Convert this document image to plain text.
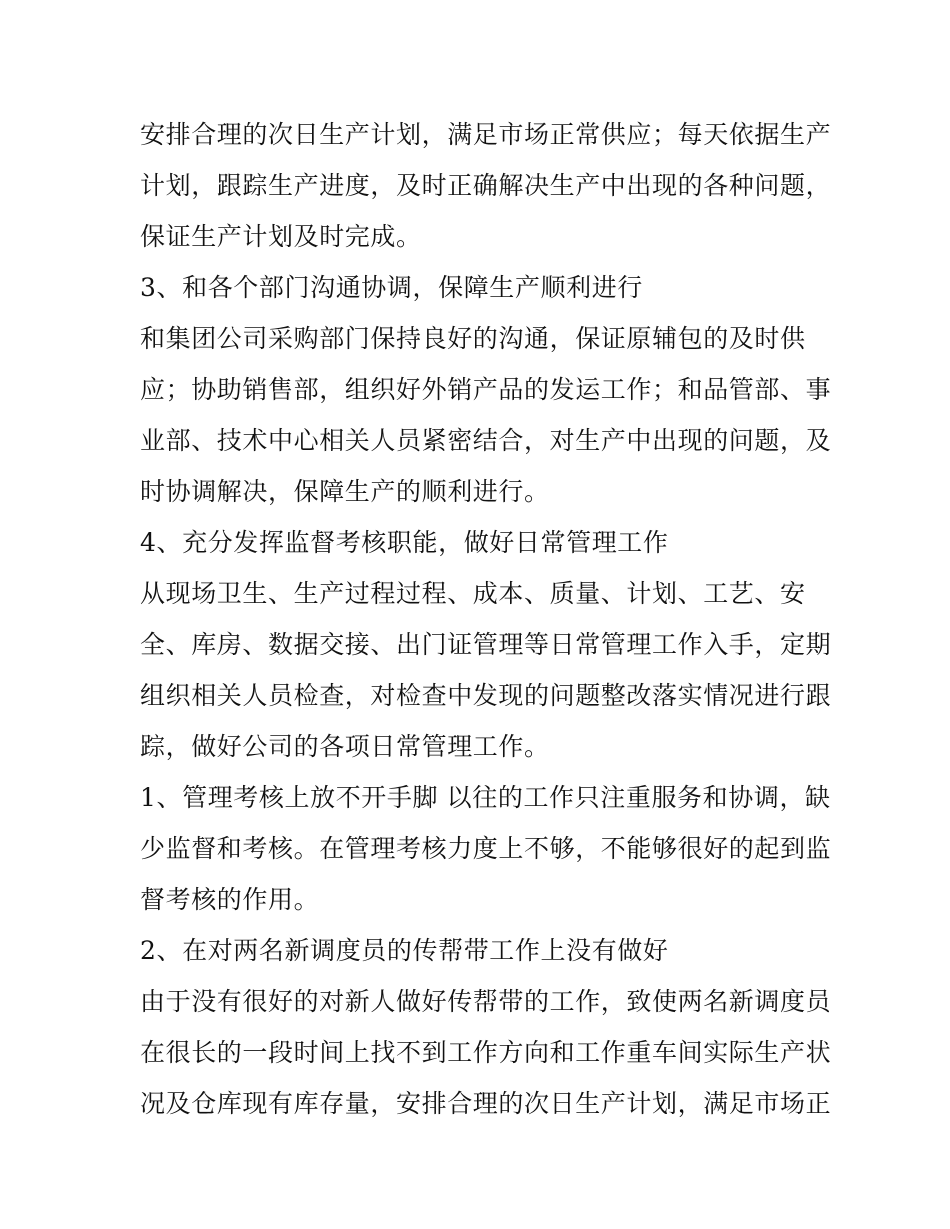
安排合理的次日生产计划，满足市场正常供应；每天依据生产
计划，跟踪生产进度，及时正确解决生产中出现的各种问题，
保证生产计划及时完成。
3、和各个部门沟通协调，保障生产顺利进行
和集团公司采购部门保持良好的沟通，保证原辅包的及时供
应；协助销售部，组织好外销产品的发运工作；和品管部、事
业部、技术中心相关人员紧密结合，对生产中出现的问题，及
时协调解决，保障生产的顺利进行。
4、充分发挥监督考核职能，做好日常管理工作
从现场卫生、生产过程过程、成本、质量、计划、工艺、安
全、库房、数据交接、出门证管理等日常管理工作入手，定期
组织相关人员检查，对检查中发现的问题整改落实情况进行跟
踪，做好公司的各项日常管理工作。
1、管理考核上放不开手脚 以往的工作只注重服务和协调，缺
少监督和考核。在管理考核力度上不够，不能够很好的起到监
督考核的作用。
2、在对两名新调度员的传帮带工作上没有做好
由于没有很好的对新人做好传帮带的工作，致使两名新调度员
在很长的一段时间上找不到工作方向和工作重车间实际生产状
况及仓库现有库存量，安排合理的次日生产计划，满足市场正
